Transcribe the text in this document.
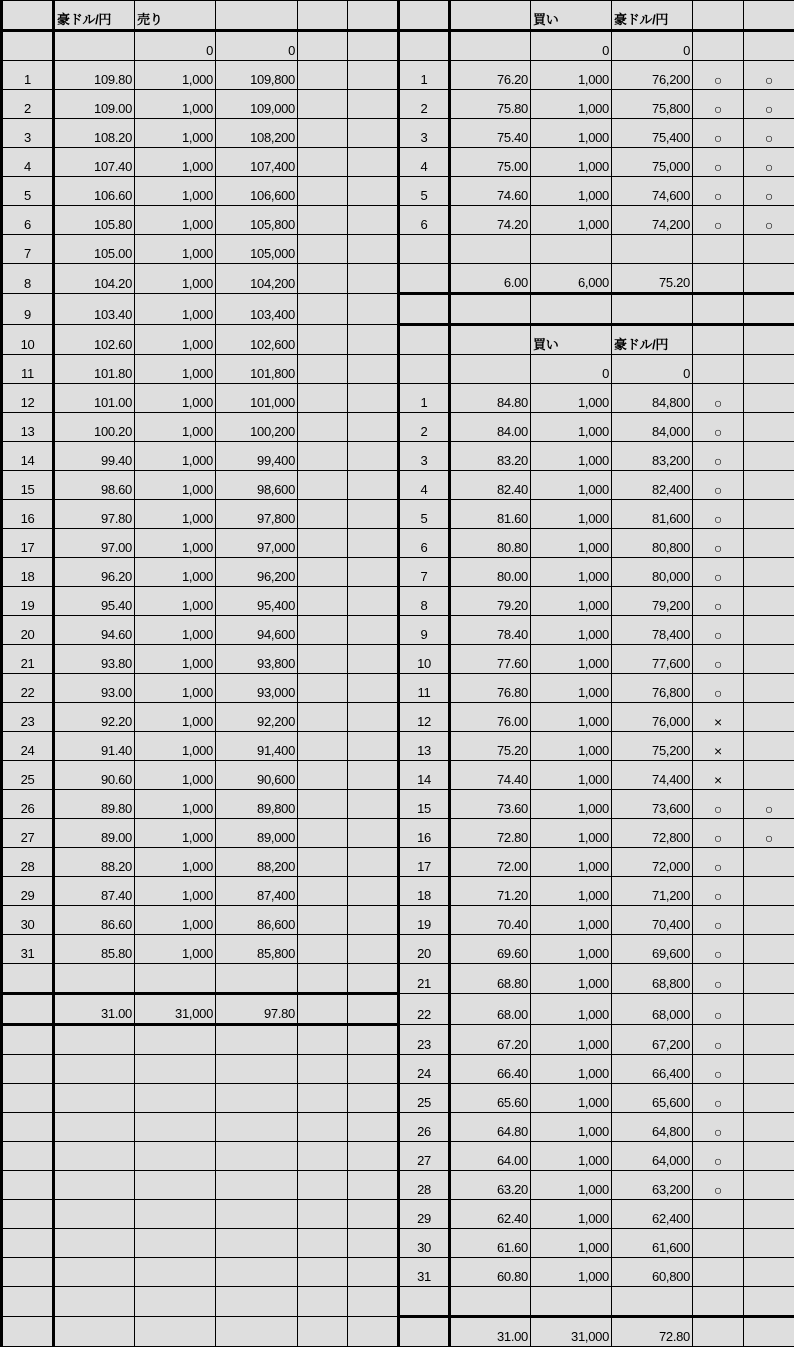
	豪ドル/円	売り						買い	豪ドル/円		
		0	0					0	0		
1	109.80	1,000	109,800			1	76.20	1,000	76,200	○	○
2	109.00	1,000	109,000			2	75.80	1,000	75,800	○	○
3	108.20	1,000	108,200			3	75.40	1,000	75,400	○	○
4	107.40	1,000	107,400			4	75.00	1,000	75,000	○	○
5	106.60	1,000	106,600			5	74.60	1,000	74,600	○	○
6	105.80	1,000	105,800			6	74.20	1,000	74,200	○	○
7	105.00	1,000	105,000								
8	104.20	1,000	104,200				6.00	6,000	75.20		
9	103.40	1,000	103,400								
10	102.60	1,000	102,600					買い	豪ドル/円		
11	101.80	1,000	101,800					0	0		
12	101.00	1,000	101,000			1	84.80	1,000	84,800	○	
13	100.20	1,000	100,200			2	84.00	1,000	84,000	○	
14	99.40	1,000	99,400			3	83.20	1,000	83,200	○	
15	98.60	1,000	98,600			4	82.40	1,000	82,400	○	
16	97.80	1,000	97,800			5	81.60	1,000	81,600	○	
17	97.00	1,000	97,000			6	80.80	1,000	80,800	○	
18	96.20	1,000	96,200			7	80.00	1,000	80,000	○	
19	95.40	1,000	95,400			8	79.20	1,000	79,200	○	
20	94.60	1,000	94,600			9	78.40	1,000	78,400	○	
21	93.80	1,000	93,800			10	77.60	1,000	77,600	○	
22	93.00	1,000	93,000			11	76.80	1,000	76,800	○	
23	92.20	1,000	92,200			12	76.00	1,000	76,000	×	
24	91.40	1,000	91,400			13	75.20	1,000	75,200	×	
25	90.60	1,000	90,600			14	74.40	1,000	74,400	×	
26	89.80	1,000	89,800			15	73.60	1,000	73,600	○	○
27	89.00	1,000	89,000			16	72.80	1,000	72,800	○	○
28	88.20	1,000	88,200			17	72.00	1,000	72,000	○	
29	87.40	1,000	87,400			18	71.20	1,000	71,200	○	
30	86.60	1,000	86,600			19	70.40	1,000	70,400	○	
31	85.80	1,000	85,800			20	69.60	1,000	69,600	○	
						21	68.80	1,000	68,800	○	
	31.00	31,000	97.80			22	68.00	1,000	68,000	○	
						23	67.20	1,000	67,200	○	
						24	66.40	1,000	66,400	○	
						25	65.60	1,000	65,600	○	
						26	64.80	1,000	64,800	○	
						27	64.00	1,000	64,000	○	
						28	63.20	1,000	63,200	○	
						29	62.40	1,000	62,400		
						30	61.60	1,000	61,600		
						31	60.80	1,000	60,800		

							31.00	31,000	72.80		
